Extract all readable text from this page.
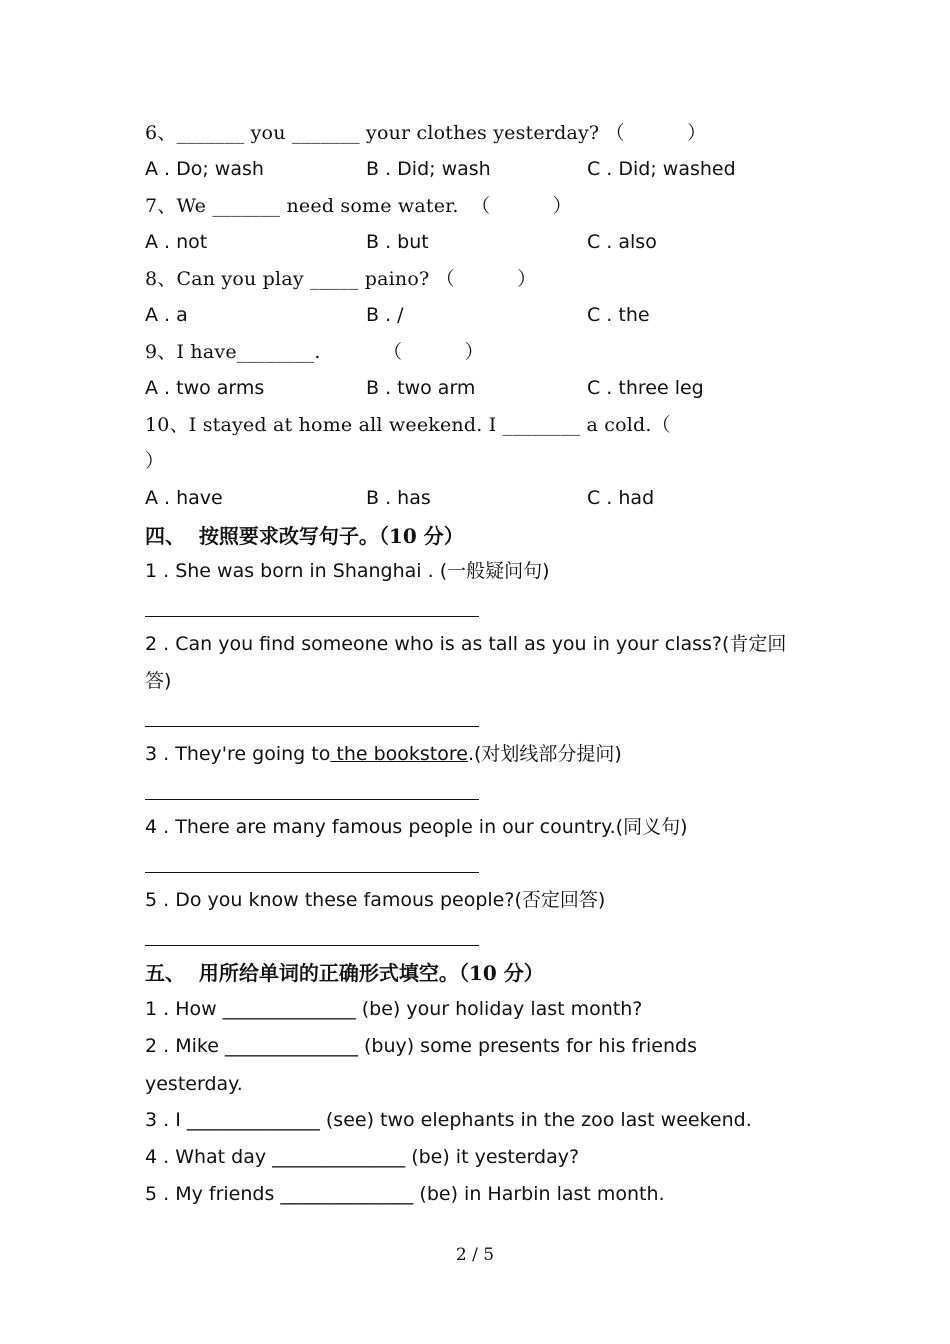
6、_______ you _______ your clothes yesterday? （          ）
A . Do; wash	B . Did; wash	C . Did; washed
7、We _______ need some water.  （          ）
A . not	B . but	C . also
8、Can you play _____ paino? （          ）
A . a	B . /	C . the
9、I have________.          （          ）
A . two arms	B . two arm	C . three leg
10、I stayed at home all weekend. I ________ a cold.（
）
A . have	B . has	C . had
四、  按照要求改写句子。（10 分）
1 . She was born in Shanghai . (一般疑问句)
2 . Can you find someone who is as tall as you in your class?(肯定回
答)
3 . They're going to the bookstore.(对划线部分提问)
4 . There are many famous people in our country.(同义句)
5 . Do you know these famous people?(否定回答)
五、  用所给单词的正确形式填空。（10 分）
1 . How ______________ (be) your holiday last month?
2 . Mike ______________ (buy) some presents for his friends
yesterday.
3 . I ______________ (see) two elephants in the zoo last weekend.
4 . What day ______________ (be) it yesterday?
5 . My friends ______________ (be) in Harbin last month.
2 / 5
